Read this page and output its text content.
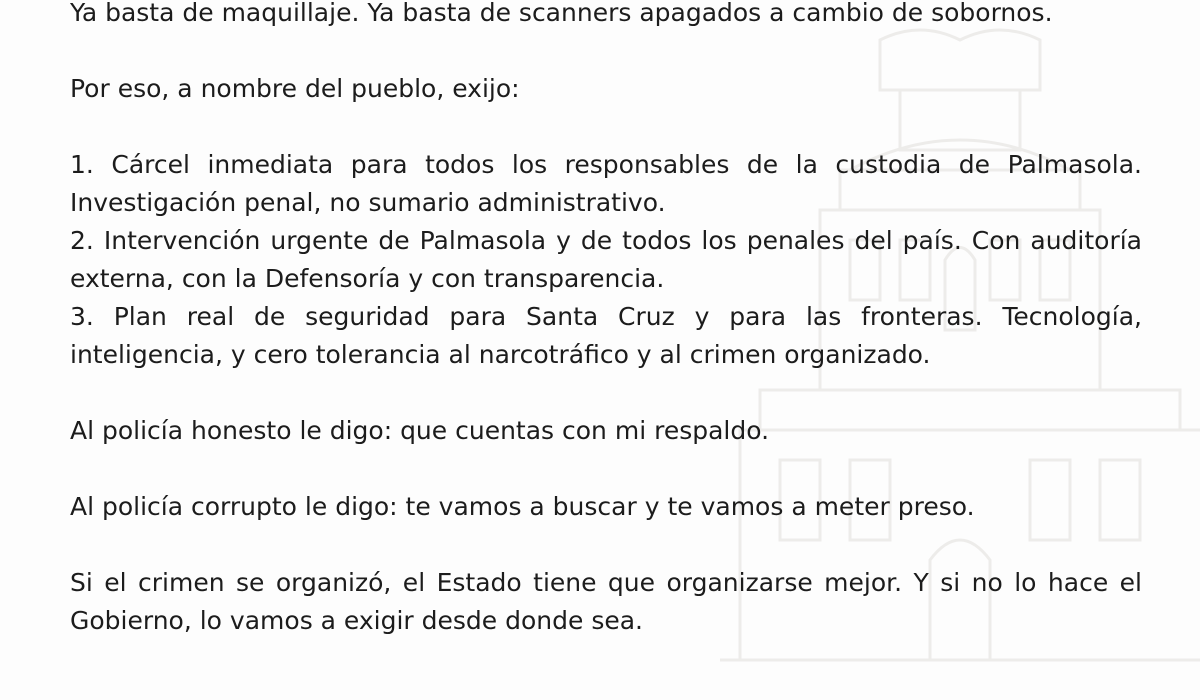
Ya basta de maquillaje. Ya basta de scanners apagados a cambio de sobornos.

Por eso, a nombre del pueblo, exijo:

1. Cárcel inmediata para todos los responsables de la custodia de Palmasola. Investigación penal, no sumario administrativo.

2. Intervención urgente de Palmasola y de todos los penales del país. Con auditoría externa, con la Defensoría y con transparencia.

3. Plan real de seguridad para Santa Cruz y para las fronteras. Tecnología, inteligencia, y cero tolerancia al narcotráfico y al crimen organizado.

Al policía honesto le digo: que cuentas con mi respaldo.

Al policía corrupto le digo: te vamos a buscar y te vamos a meter preso.

Si el crimen se organizó, el Estado tiene que organizarse mejor. Y si no lo hace el Gobierno, lo vamos a exigir desde donde sea.
